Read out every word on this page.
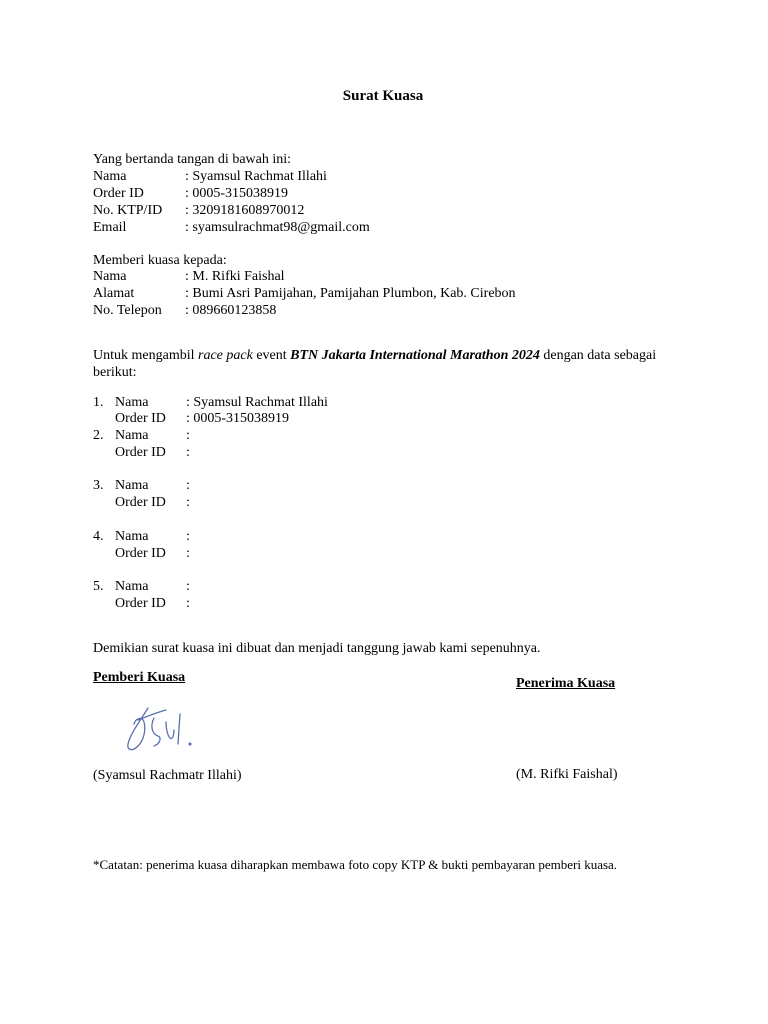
Surat Kuasa
Yang bertanda tangan di bawah ini:
Nama	: Syamsul Rachmat Illahi
Order ID	: 0005-315038919
No. KTP/ID : 3209181608970012
Email	: syamsulrachmat98@gmail.com
Memberi kuasa kepada:
Nama	: M. Rifki Faishal
Alamat	: Bumi Asri Pamijahan, Pamijahan Plumbon, Kab. Cirebon
No. Telepon : 089660123858
Untuk mengambil race pack event BTN Jakarta International Marathon 2024 dengan data sebagai berikut:
1. Nama	: Syamsul Rachmat Illahi
Order ID : 0005-315038919
2. Nama	:
Order ID :
3. Nama	:
Order ID :
4. Nama	:
Order ID :
5. Nama	:
Order ID :
Demikian surat kuasa ini dibuat dan menjadi tanggung jawab kami sepenuhnya.
Pemberi Kuasa	Penerima Kuasa
(Syamsul Rachmatr Illahi)	(M. Rifki Faishal)
*Catatan: penerima kuasa diharapkan membawa foto copy KTP & bukti pembayaran pemberi kuasa.
